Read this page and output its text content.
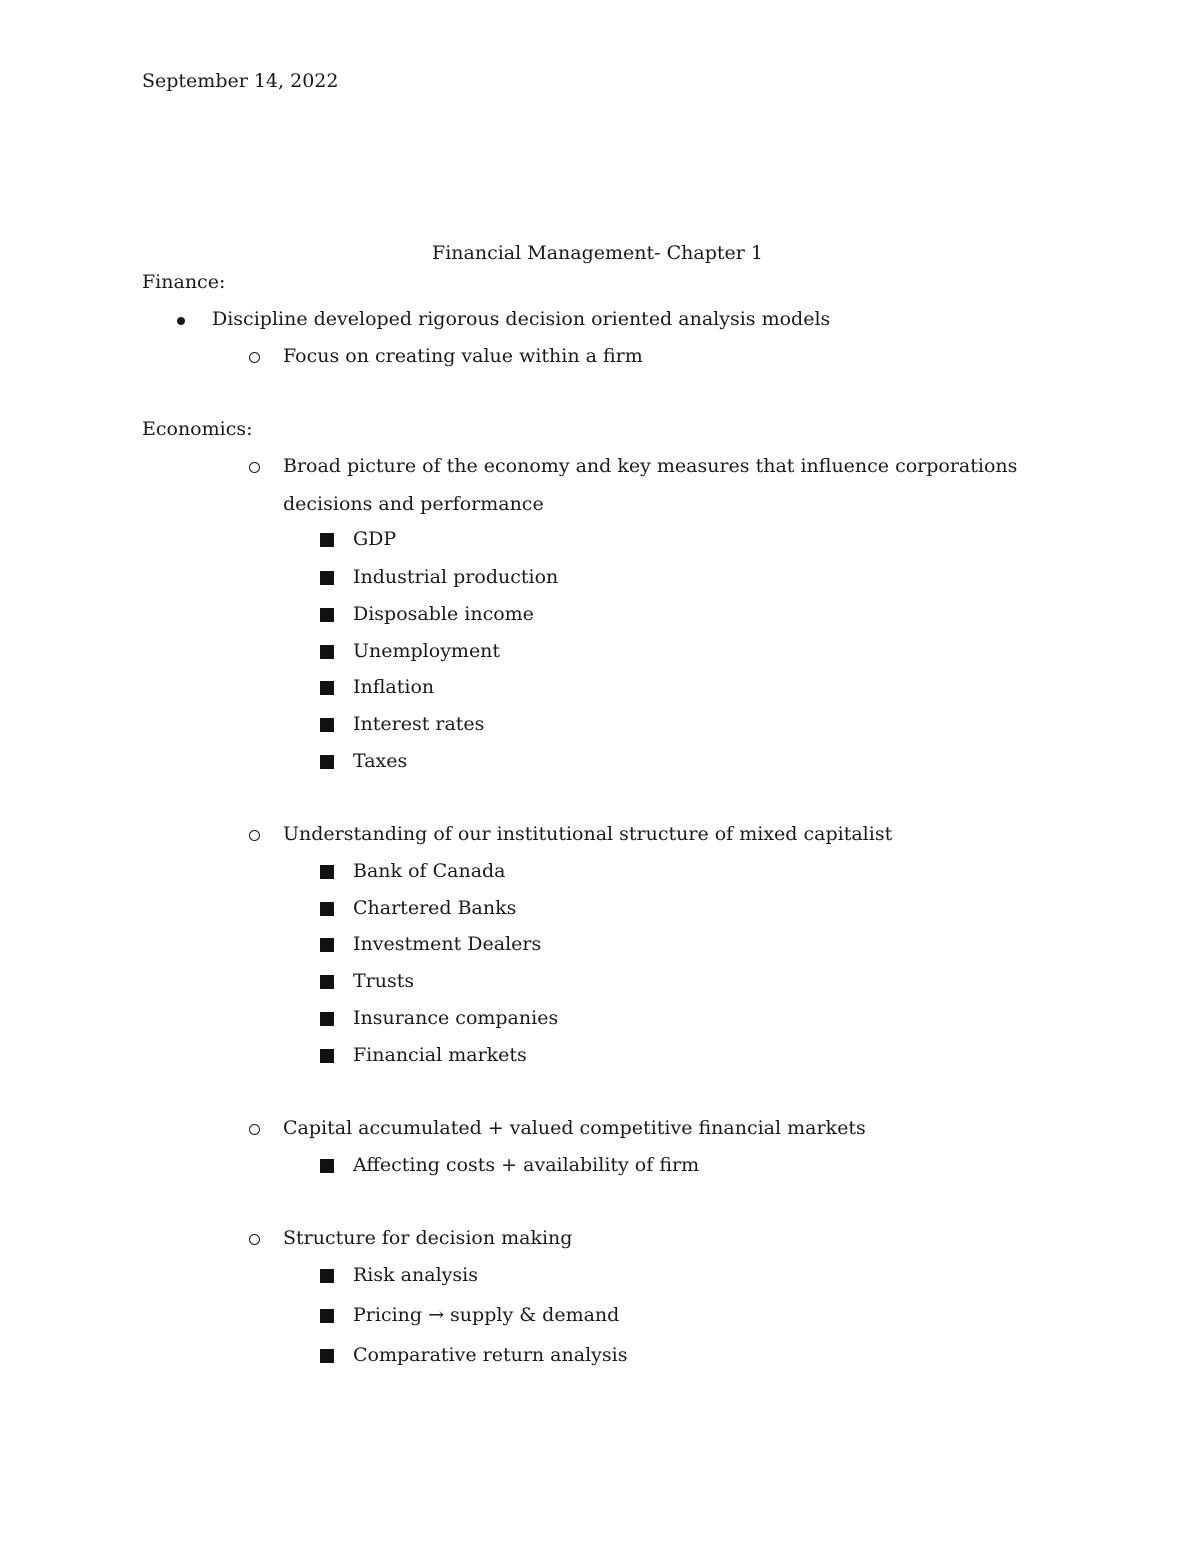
September 14, 2022
Financial Management- Chapter 1
Finance:
Discipline developed rigorous decision oriented analysis models
Focus on creating value within a firm
Economics:
Broad picture of the economy and key measures that influence corporations
decisions and performance
GDP
Industrial production
Disposable income
Unemployment
Inflation
Interest rates
Taxes
Understanding of our institutional structure of mixed capitalist
Bank of Canada
Chartered Banks
Investment Dealers
Trusts
Insurance companies
Financial markets
Capital accumulated + valued competitive financial markets
Affecting costs + availability of firm
Structure for decision making
Risk analysis
Pricing → supply & demand
Comparative return analysis
